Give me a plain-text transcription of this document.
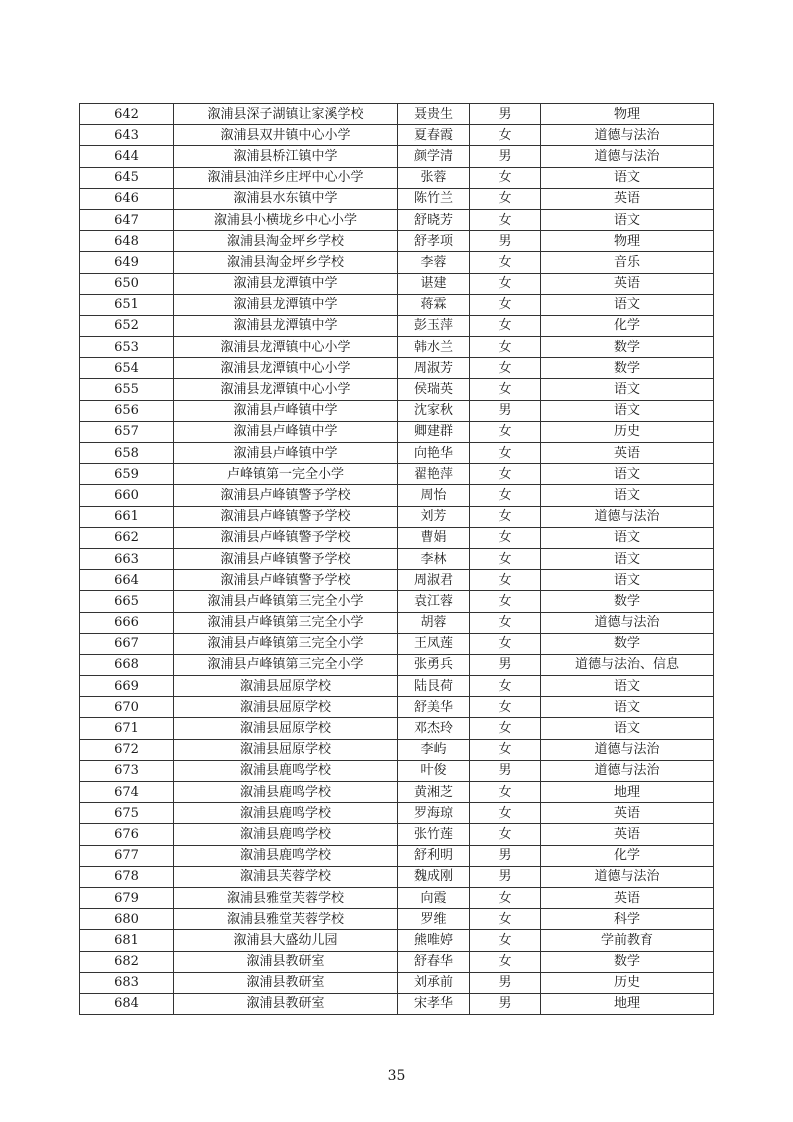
642	溆浦县深子湖镇让家溪学校	聂贵生	男	物理
643	溆浦县双井镇中心小学	夏春霞	女	道德与法治
644	溆浦县桥江镇中学	颜学清	男	道德与法治
645	溆浦县油洋乡庄坪中心小学	张蓉	女	语文
646	溆浦县水东镇中学	陈竹兰	女	英语
647	溆浦县小横垅乡中心小学	舒晓芳	女	语文
648	溆浦县淘金坪乡学校	舒孝项	男	物理
649	溆浦县淘金坪乡学校	李蓉	女	音乐
650	溆浦县龙潭镇中学	谌建	女	英语
651	溆浦县龙潭镇中学	蒋霖	女	语文
652	溆浦县龙潭镇中学	彭玉萍	女	化学
653	溆浦县龙潭镇中心小学	韩水兰	女	数学
654	溆浦县龙潭镇中心小学	周淑芳	女	数学
655	溆浦县龙潭镇中心小学	侯瑞英	女	语文
656	溆浦县卢峰镇中学	沈家秋	男	语文
657	溆浦县卢峰镇中学	卿建群	女	历史
658	溆浦县卢峰镇中学	向艳华	女	英语
659	卢峰镇第一完全小学	翟艳萍	女	语文
660	溆浦县卢峰镇警予学校	周怡	女	语文
661	溆浦县卢峰镇警予学校	刘芳	女	道德与法治
662	溆浦县卢峰镇警予学校	曹娟	女	语文
663	溆浦县卢峰镇警予学校	李林	女	语文
664	溆浦县卢峰镇警予学校	周淑君	女	语文
665	溆浦县卢峰镇第三完全小学	袁江蓉	女	数学
666	溆浦县卢峰镇第三完全小学	胡蓉	女	道德与法治
667	溆浦县卢峰镇第三完全小学	王凤莲	女	数学
668	溆浦县卢峰镇第三完全小学	张勇兵	男	道德与法治、信息
669	溆浦县屈原学校	陆艮荷	女	语文
670	溆浦县屈原学校	舒美华	女	语文
671	溆浦县屈原学校	邓杰玲	女	语文
672	溆浦县屈原学校	李屿	女	道德与法治
673	溆浦县鹿鸣学校	叶俊	男	道德与法治
674	溆浦县鹿鸣学校	黄湘芝	女	地理
675	溆浦县鹿鸣学校	罗海琼	女	英语
676	溆浦县鹿鸣学校	张竹莲	女	英语
677	溆浦县鹿鸣学校	舒利明	男	化学
678	溆浦县芙蓉学校	魏成刚	男	道德与法治
679	溆浦县雅堂芙蓉学校	向霞	女	英语
680	溆浦县雅堂芙蓉学校	罗维	女	科学
681	溆浦县大盛幼儿园	熊唯婷	女	学前教育
682	溆浦县教研室	舒春华	女	数学
683	溆浦县教研室	刘承前	男	历史
684	溆浦县教研室	宋孝华	男	地理
35
